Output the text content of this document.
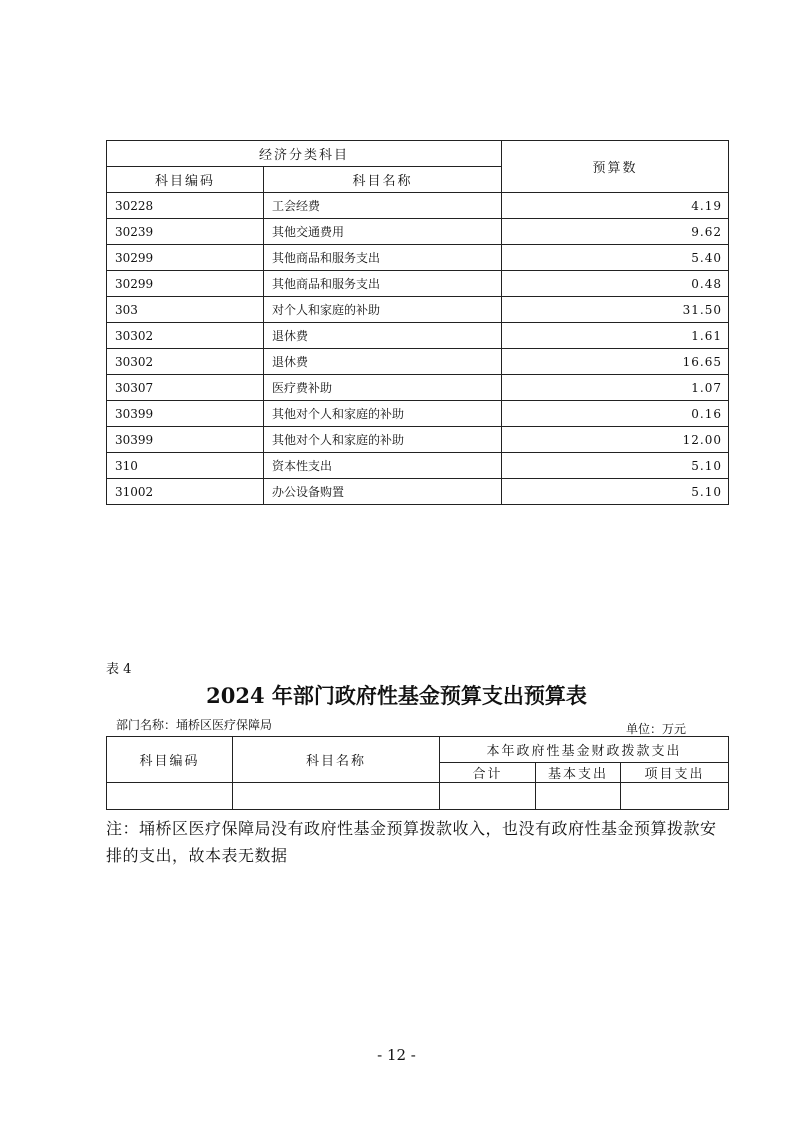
经济分类科目		预算数
科目编码	科目名称	
30228	工会经费	4.19
30239	其他交通费用	9.62
30299	其他商品和服务支出	5.40
30299	其他商品和服务支出	0.48
303	对个人和家庭的补助	31.50
30302	退休费	1.61
30302	退休费	16.65
30307	医疗费补助	1.07
30399	其他对个人和家庭的补助	0.16
30399	其他对个人和家庭的补助	12.00
310	资本性支出	5.10
31002	办公设备购置	5.10
表 4
2024 年部门政府性基金预算支出预算表
部门名称：埇桥区医疗保障局	单位：万元
科目编码	科目名称	本年政府性基金财政拨款支出		
		合计	基本支出	项目支出

注：埇桥区医疗保障局没有政府性基金预算拨款收入，也没有政府性基金预算拨款安排的支出，故本表无数据
- 12 -
